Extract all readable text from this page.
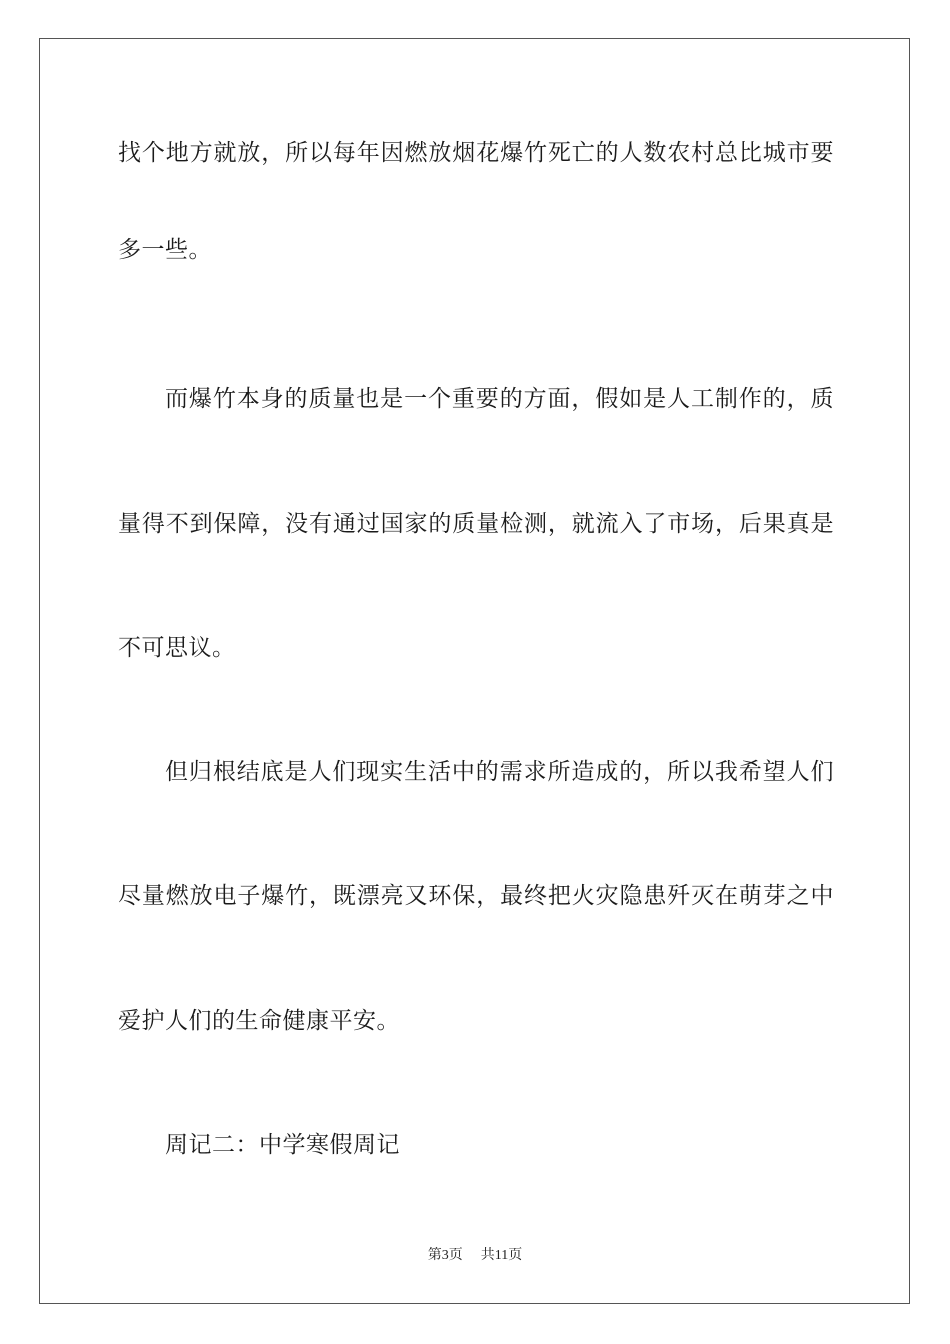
找个地方就放，所以每年因燃放烟花爆竹死亡的人数农村总比城市要
多一些。
而爆竹本身的质量也是一个重要的方面，假如是人工制作的，质
量得不到保障，没有通过国家的质量检测，就流入了市场，后果真是
不可思议。
但归根结底是人们现实生活中的需求所造成的，所以我希望人们
尽量燃放电子爆竹，既漂亮又环保，最终把火灾隐患歼灭在萌芽之中
爱护人们的生命健康平安。
周记二：中学寒假周记
第3页 共11页
